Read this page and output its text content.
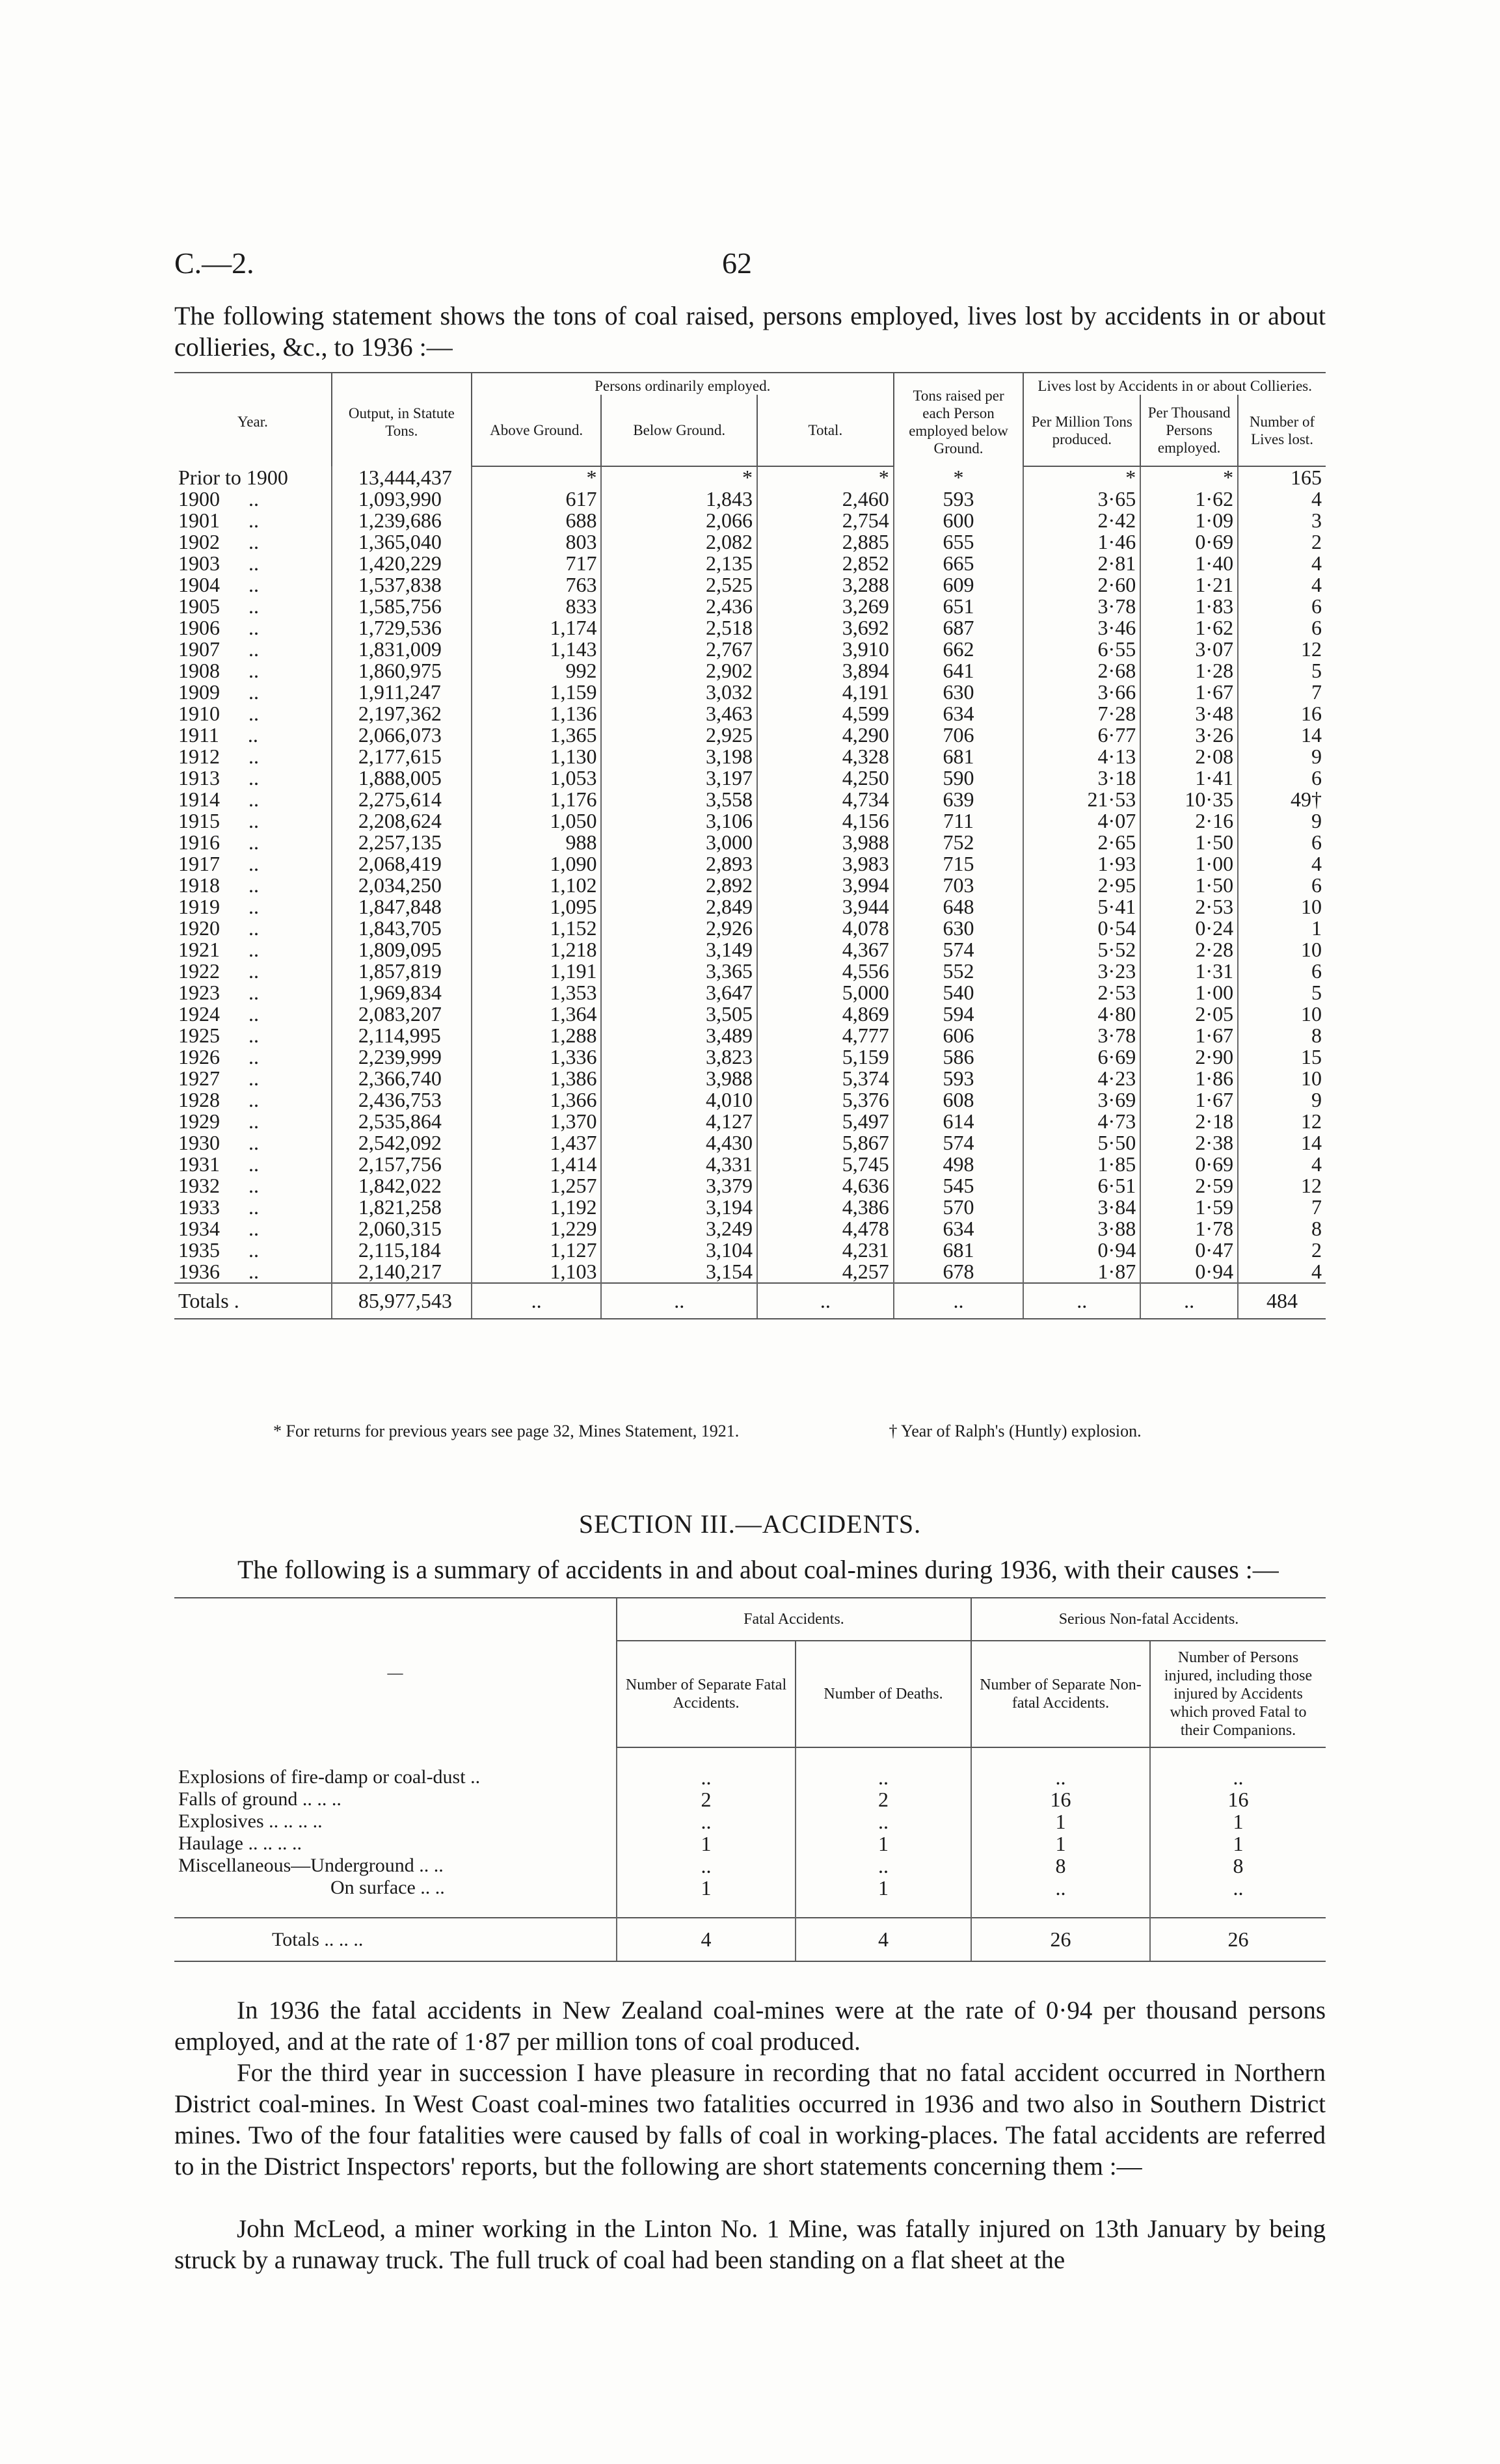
C.—2.	62
The following statement shows the tons of coal raised, persons employed, lives lost by accidents in or about collieries, &c., to 1936 :—
Year.	Output, in Statute Tons.	Persons ordinarily employed.			Tons raised per each Person employed below Ground.	Lives lost by Accidents in or about Collieries.		
		Above Ground.	Below Ground.	Total.		Per Million Tons produced.	Per Thousand Persons employed.	Number of Lives lost.
Prior to 1900	13,444,437	*	*	*	*	*	*	165
1900 ..	1,093,990	617	1,843	2,460	593	3·65	1·62	4
1901 ..	1,239,686	688	2,066	2,754	600	2·42	1·09	3
1902 ..	1,365,040	803	2,082	2,885	655	1·46	0·69	2
1903 ..	1,420,229	717	2,135	2,852	665	2·81	1·40	4
1904 ..	1,537,838	763	2,525	3,288	609	2·60	1·21	4
1905 ..	1,585,756	833	2,436	3,269	651	3·78	1·83	6
1906 ..	1,729,536	1,174	2,518	3,692	687	3·46	1·62	6
1907 ..	1,831,009	1,143	2,767	3,910	662	6·55	3·07	12
1908 ..	1,860,975	992	2,902	3,894	641	2·68	1·28	5
1909 ..	1,911,247	1,159	3,032	4,191	630	3·66	1·67	7
1910 ..	2,197,362	1,136	3,463	4,599	634	7·28	3·48	16
1911 ..	2,066,073	1,365	2,925	4,290	706	6·77	3·26	14
1912 ..	2,177,615	1,130	3,198	4,328	681	4·13	2·08	9
1913 ..	1,888,005	1,053	3,197	4,250	590	3·18	1·41	6
1914 ..	2,275,614	1,176	3,558	4,734	639	21·53	10·35	49†
1915 ..	2,208,624	1,050	3,106	4,156	711	4·07	2·16	9
1916 ..	2,257,135	988	3,000	3,988	752	2·65	1·50	6
1917 ..	2,068,419	1,090	2,893	3,983	715	1·93	1·00	4
1918 ..	2,034,250	1,102	2,892	3,994	703	2·95	1·50	6
1919 ..	1,847,848	1,095	2,849	3,944	648	5·41	2·53	10
1920 ..	1,843,705	1,152	2,926	4,078	630	0·54	0·24	1
1921 ..	1,809,095	1,218	3,149	4,367	574	5·52	2·28	10
1922 ..	1,857,819	1,191	3,365	4,556	552	3·23	1·31	6
1923 ..	1,969,834	1,353	3,647	5,000	540	2·53	1·00	5
1924 ..	2,083,207	1,364	3,505	4,869	594	4·80	2·05	10
1925 ..	2,114,995	1,288	3,489	4,777	606	3·78	1·67	8
1926 ..	2,239,999	1,336	3,823	5,159	586	6·69	2·90	15
1927 ..	2,366,740	1,386	3,988	5,374	593	4·23	1·86	10
1928 ..	2,436,753	1,366	4,010	5,376	608	3·69	1·67	9
1929 ..	2,535,864	1,370	4,127	5,497	614	4·73	2·18	12
1930 ..	2,542,092	1,437	4,430	5,867	574	5·50	2·38	14
1931 ..	2,157,756	1,414	4,331	5,745	498	1·85	0·69	4
1932 ..	1,842,022	1,257	3,379	4,636	545	6·51	2·59	12
1933 ..	1,821,258	1,192	3,194	4,386	570	3·84	1·59	7
1934 ..	2,060,315	1,229	3,249	4,478	634	3·88	1·78	8
1935 ..	2,115,184	1,127	3,104	4,231	681	0·94	0·47	2
1936 ..	2,140,217	1,103	3,154	4,257	678	1·87	0·94	4
Totals .	85,977,543	..	..	..	..	..	..	484
* For returns for previous years see page 32, Mines Statement, 1921.	† Year of Ralph's (Huntly) explosion.
SECTION III.—ACCIDENTS.
The following is a summary of accidents in and about coal-mines during 1936, with their causes :—
—	Fatal Accidents.		Serious Non-fatal Accidents.	
	Number of Separate Fatal Accidents.	Number of Deaths.	Number of Separate Non-fatal Accidents.	Number of Persons injured, including those injured by Accidents which proved Fatal to their Companions.

Explosions of fire-damp or coal-dust ..	..	..	..	..
Falls of ground .. .. ..	2	2	16	16
Explosives .. .. .. ..	..	..	1	1
Haulage .. .. .. ..	1	1	1	1
Miscellaneous—Underground .. ..	..	..	8	8
On surface .. ..	1	1	..	..

Totals .. .. ..	4	4	26	26
In 1936 the fatal accidents in New Zealand coal-mines were at the rate of 0·94 per thousand persons employed, and at the rate of 1·87 per million tons of coal produced.
For the third year in succession I have pleasure in recording that no fatal accident occurred in Northern District coal-mines. In West Coast coal-mines two fatalities occurred in 1936 and two also in Southern District mines. Two of the four fatalities were caused by falls of coal in working-places. The fatal accidents are referred to in the District Inspectors' reports, but the following are short statements concerning them :—
John McLeod, a miner working in the Linton No. 1 Mine, was fatally injured on 13th January by being struck by a runaway truck. The full truck of coal had been standing on a flat sheet at the
